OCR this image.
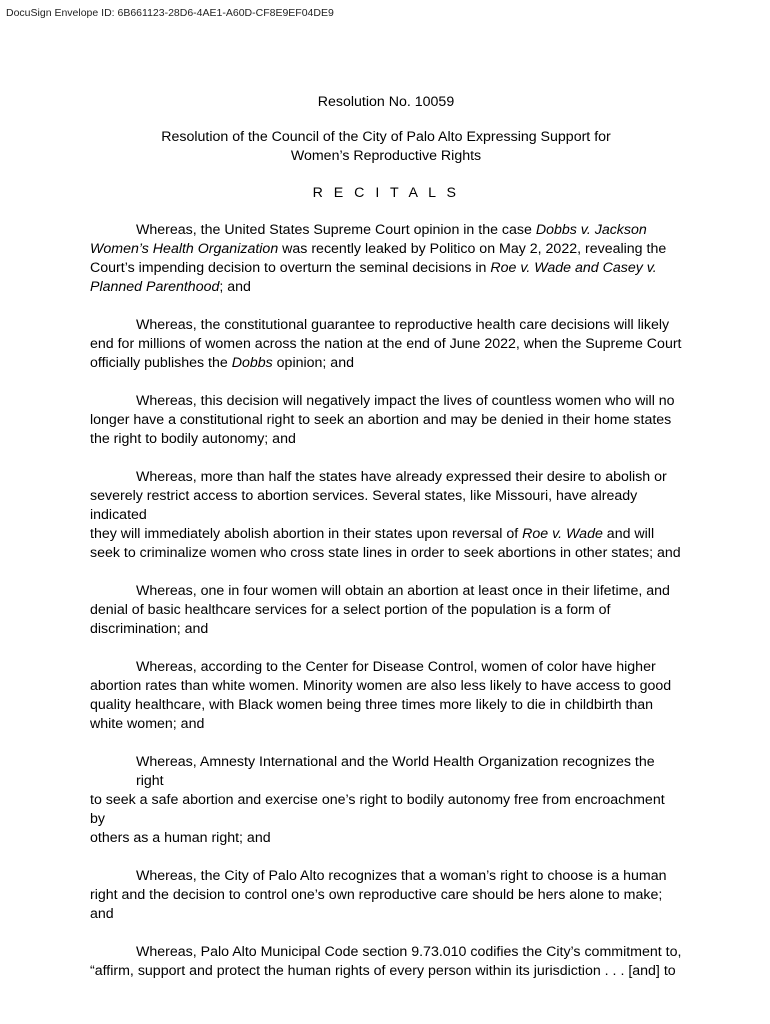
DocuSign Envelope ID: 6B661123-28D6-4AE1-A60D-CF8E9EF04DE9

Resolution No. 10059

Resolution of the Council of the City of Palo Alto Expressing Support for
Women’s Reproductive Rights

R E C I T A L S

Whereas, the United States Supreme Court opinion in the case Dobbs v. Jackson
Women’s Health Organization was recently leaked by Politico on May 2, 2022, revealing the
Court’s impending decision to overturn the seminal decisions in Roe v. Wade and Casey v.
Planned Parenthood; and
Whereas, the constitutional guarantee to reproductive health care decisions will likely
end for millions of women across the nation at the end of June 2022, when the Supreme Court
officially publishes the Dobbs opinion; and
Whereas, this decision will negatively impact the lives of countless women who will no
longer have a constitutional right to seek an abortion and may be denied in their home states
the right to bodily autonomy; and
Whereas, more than half the states have already expressed their desire to abolish or
severely restrict access to abortion services. Several states, like Missouri, have already indicated
they will immediately abolish abortion in their states upon reversal of Roe v. Wade and will
seek to criminalize women who cross state lines in order to seek abortions in other states; and
Whereas, one in four women will obtain an abortion at least once in their lifetime, and
denial of basic healthcare services for a select portion of the population is a form of
discrimination; and
Whereas, according to the Center for Disease Control, women of color have higher
abortion rates than white women. Minority women are also less likely to have access to good
quality healthcare, with Black women being three times more likely to die in childbirth than
white women; and
Whereas, Amnesty International and the World Health Organization recognizes the right
to seek a safe abortion and exercise one’s right to bodily autonomy free from encroachment by
others as a human right; and
Whereas, the City of Palo Alto recognizes that a woman’s right to choose is a human
right and the decision to control one’s own reproductive care should be hers alone to make;
and
Whereas, Palo Alto Municipal Code section 9.73.010 codifies the City’s commitment to,
“affirm, support and protect the human rights of every person within its jurisdiction . . . [and] to
